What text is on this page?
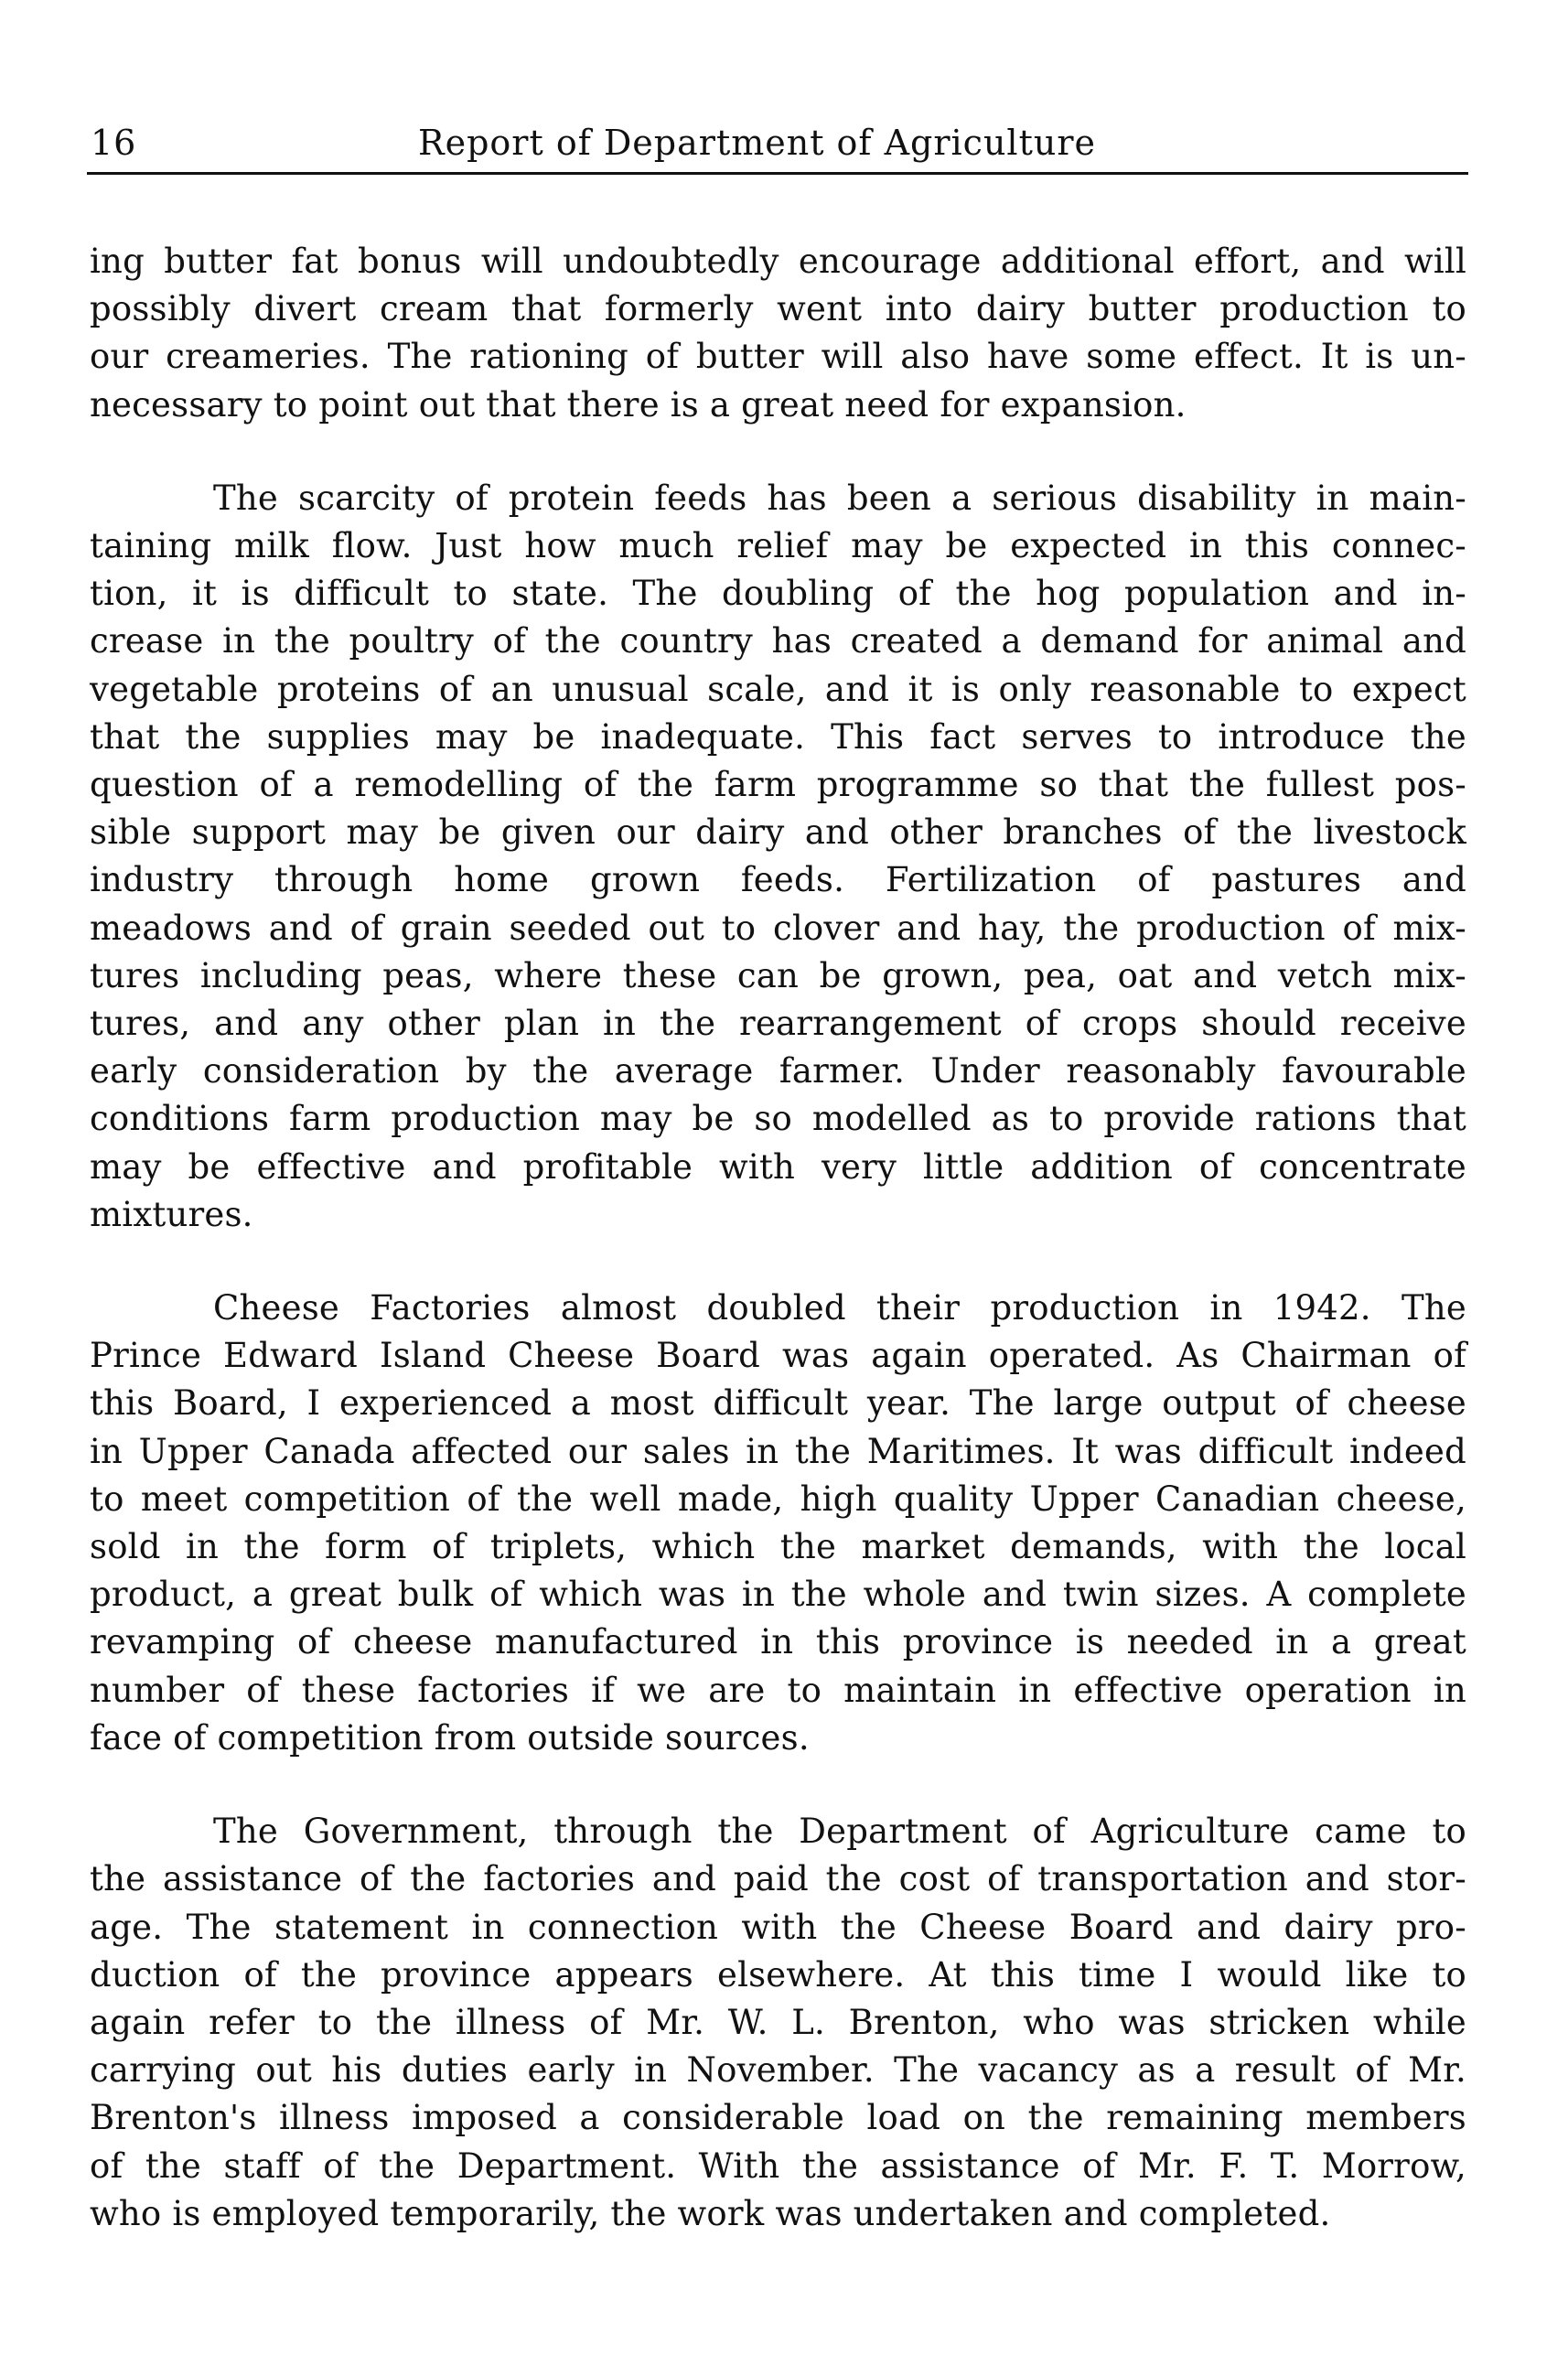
16	Report of Department of Agriculture

ing butter fat bonus will undoubtedly encourage additional effort, and will
possibly divert cream that formerly went into dairy butter production to
our creameries. The rationing of butter will also have some effect. It is un-
necessary to point out that there is a great need for expansion.

The scarcity of protein feeds has been a serious disability in main-
taining milk flow. Just how much relief may be expected in this connec-
tion, it is difficult to state. The doubling of the hog population and in-
crease in the poultry of the country has created a demand for animal and
vegetable proteins of an unusual scale, and it is only reasonable to expect
that the supplies may be inadequate. This fact serves to introduce the
question of a remodelling of the farm programme so that the fullest pos-
sible support may be given our dairy and other branches of the livestock
industry through home grown feeds. Fertilization of pastures and
meadows and of grain seeded out to clover and hay, the production of mix-
tures including peas, where these can be grown, pea, oat and vetch mix-
tures, and any other plan in the rearrangement of crops should receive
early consideration by the average farmer. Under reasonably favourable
conditions farm production may be so modelled as to provide rations that
may be effective and profitable with very little addition of concentrate
mixtures.

Cheese Factories almost doubled their production in 1942. The
Prince Edward Island Cheese Board was again operated. As Chairman of
this Board, I experienced a most difficult year. The large output of cheese
in Upper Canada affected our sales in the Maritimes. It was difficult indeed
to meet competition of the well made, high quality Upper Canadian cheese,
sold in the form of triplets, which the market demands, with the local
product, a great bulk of which was in the whole and twin sizes. A complete
revamping of cheese manufactured in this province is needed in a great
number of these factories if we are to maintain in effective operation in
face of competition from outside sources.

The Government, through the Department of Agriculture came to
the assistance of the factories and paid the cost of transportation and stor-
age. The statement in connection with the Cheese Board and dairy pro-
duction of the province appears elsewhere. At this time I would like to
again refer to the illness of Mr. W. L. Brenton, who was stricken while
carrying out his duties early in November. The vacancy as a result of Mr.
Brenton's illness imposed a considerable load on the remaining members
of the staff of the Department. With the assistance of Mr. F. T. Morrow,
who is employed temporarily, the work was undertaken and completed.
